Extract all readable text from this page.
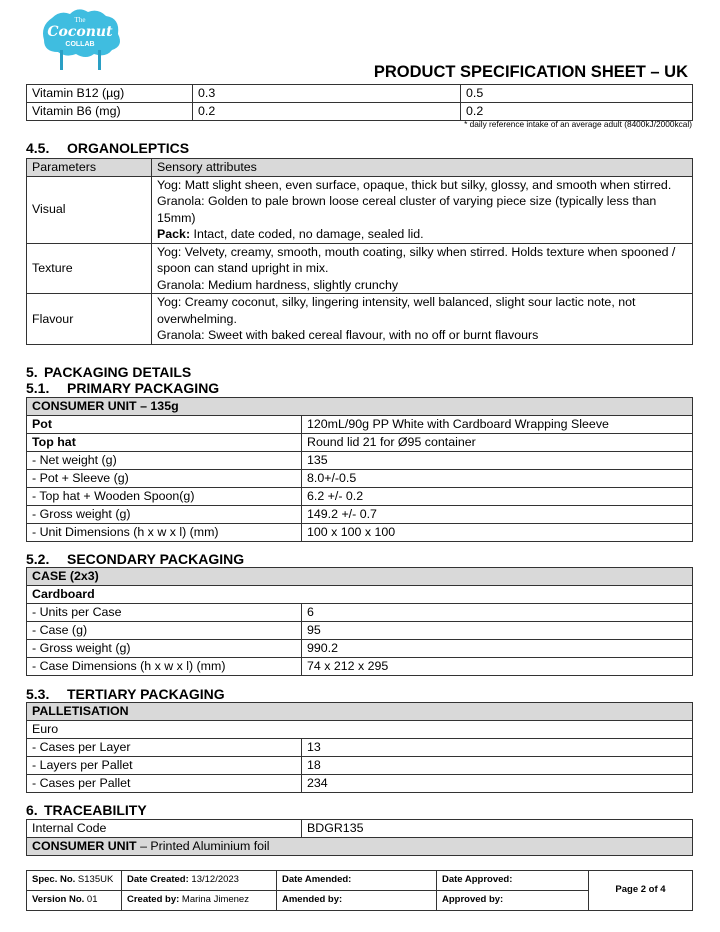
The
Coconut
COLLAB
PRODUCT SPECIFICATION SHEET – UK
Vitamin B12 (µg)	0.3	0.5
Vitamin B6 (mg)	0.2	0.2
* daily reference intake of an average adult (8400kJ/2000kcal)
4.5. ORGANOLEPTICS
Parameters	Sensory attributes
Visual	Yog: Matt slight sheen, even surface, opaque, thick but silky, glossy, and smooth when stirred.
Granola: Golden to pale brown loose cereal cluster of varying piece size (typically less than 15mm)
Pack: Intact, date coded, no damage, sealed lid.

Texture	Yog: Velvety, creamy, smooth, mouth coating, silky when stirred. Holds texture when spooned / spoon can stand upright in mix.
Granola: Medium hardness, slightly crunchy

Flavour	Yog: Creamy coconut, silky, lingering intensity, well balanced, slight sour lactic note, not overwhelming.
Granola: Sweet with baked cereal flavour, with no off or burnt flavours
5. PACKAGING DETAILS
5.1. PRIMARY PACKAGING
CONSUMER UNIT – 135g	
Pot	120mL/90g PP White with Cardboard Wrapping Sleeve
Top hat	Round lid 21 for Ø95 container
- Net weight (g)	135
- Pot + Sleeve (g)	8.0+/-0.5
- Top hat + Wooden Spoon(g)	6.2 +/- 0.2
- Gross weight (g)	149.2 +/- 0.7
- Unit Dimensions (h x w x l) (mm)	100 x 100 x 100
5.2. SECONDARY PACKAGING
CASE (2x3)	
Cardboard	
- Units per Case	6
- Case (g)	95
- Gross weight (g)	990.2
- Case Dimensions (h x w x l) (mm)	74 x 212 x 295
5.3. TERTIARY PACKAGING
PALLETISATION	
Euro	
- Cases per Layer	13
- Layers per Pallet	18
- Cases per Pallet	234
6. TRACEABILITY
Internal Code	BDGR135
CONSUMER UNIT – Printed Aluminium foil
Spec. No. S135UK	Date Created: 13/12/2023	Date Amended:	Date Approved:	Page 2 of 4
Version No. 01	Created by: Marina Jimenez	Amended by:	Approved by:	
